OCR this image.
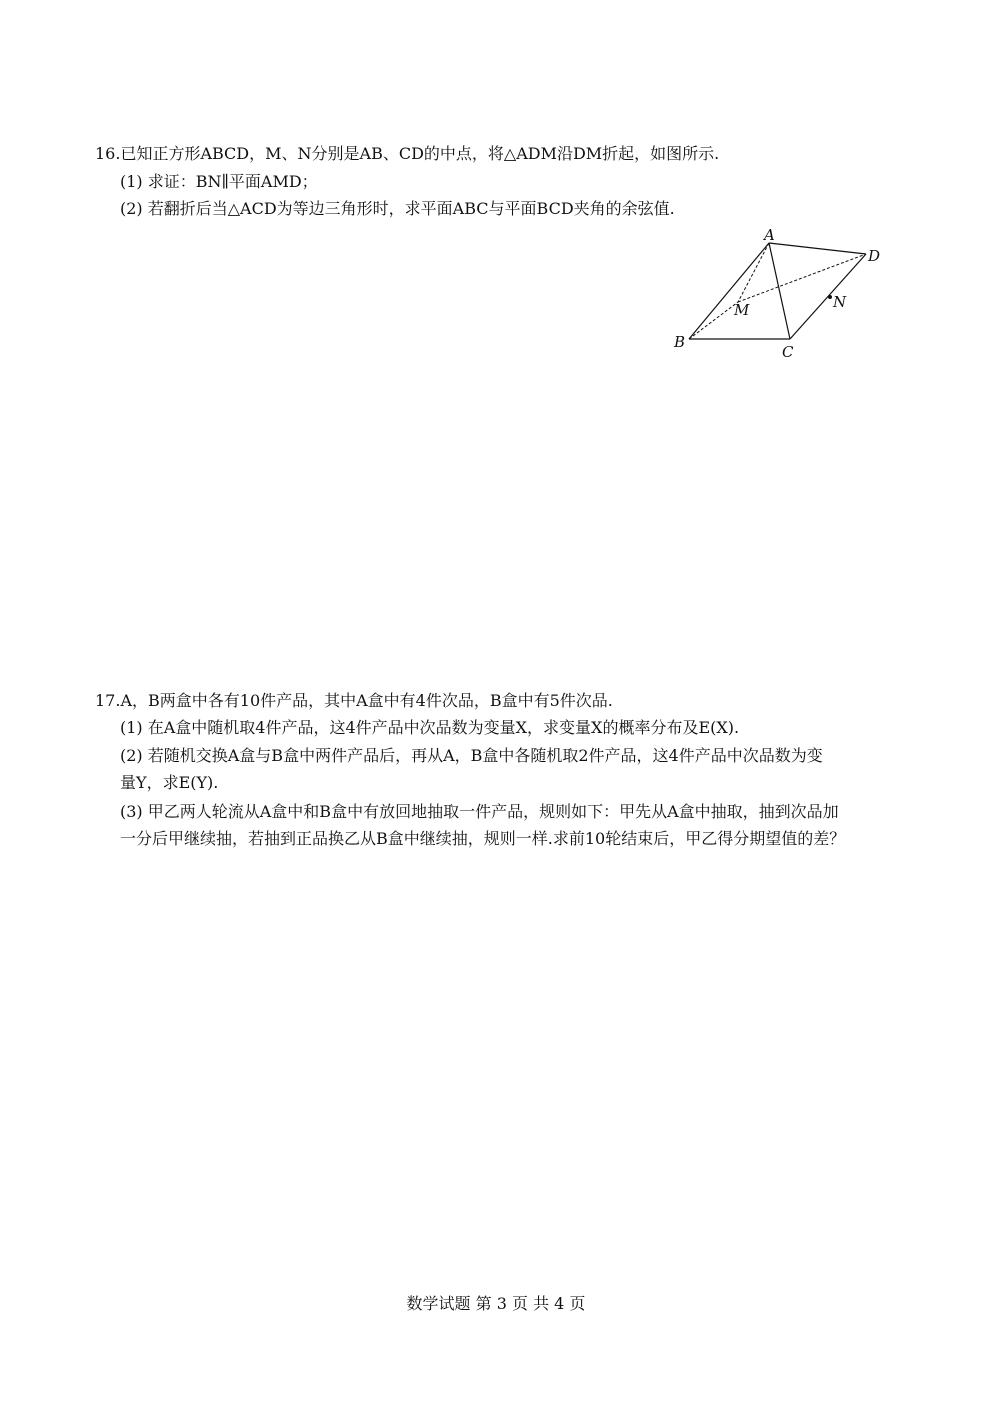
16.已知正方形ABCD，M、N分别是AB、CD的中点，将△ADM沿DM折起，如图所示.
(1) 求证：BN∥平面AMD；
(2) 若翻折后当△ACD为等边三角形时，求平面ABC与平面BCD夹角的余弦值.
A
B
C
D
M	N
17.A，B两盒中各有10件产品，其中A盒中有4件次品，B盒中有5件次品.
(1) 在A盒中随机取4件产品，这4件产品中次品数为变量X，求变量X的概率分布及E(X).
(2) 若随机交换A盒与B盒中两件产品后，再从A，B盒中各随机取2件产品，这4件产品中次品数为变
量Y，求E(Y).
(3) 甲乙两人轮流从A盒中和B盒中有放回地抽取一件产品，规则如下：甲先从A盒中抽取，抽到次品加
一分后甲继续抽，若抽到正品换乙从B盒中继续抽，规则一样.求前10轮结束后，甲乙得分期望值的差？
数学试题 第 3 页 共 4 页
